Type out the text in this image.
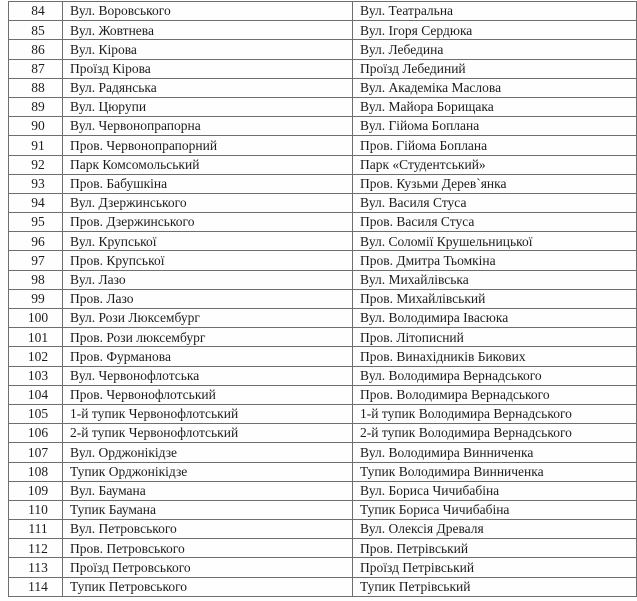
84	Вул. Воровського	Вул. Театральна
85	Вул. Жовтнева	Вул. Ігоря Сердюка
86	Вул. Кірова	Вул. Лебедина
87	Проїзд Кірова	Проїзд Лебединий
88	Вул. Радянська	Вул. Академіка Маслова
89	Вул. Цюрупи	Вул. Майора Борищака
90	Вул. Червонопрапорна	Вул. Гійома Боплана
91	Пров. Червонопрапорний	Пров. Гійома Боплана
92	Парк Комсомольський	Парк «Студентський»
93	Пров. Бабушкіна	Пров. Кузьми Дерев`янка
94	Вул. Дзержинського	Вул. Василя Стуса
95	Пров. Дзержинського	Пров. Василя Стуса
96	Вул. Крупської	Вул. Соломії Крушельницької
97	Пров. Крупської	Пров. Дмитра Тьомкіна
98	Вул. Лазо	Вул. Михайлівська
99	Пров. Лазо	Пров. Михайлівський
100	Вул. Рози Люксембург	Вул. Володимира Івасюка
101	Пров. Рози люксембург	Пров. Літописний
102	Пров. Фурманова	Пров. Винахідників Бикових
103	Вул. Червонофлотська	Вул. Володимира Вернадського
104	Пров. Червонофлотський	Пров. Володимира Вернадського
105	1-й тупик Червонофлотський	1-й тупик Володимира Вернадського
106	2-й тупик Червонофлотський	2-й тупик Володимира Вернадського
107	Вул. Орджонікідзе	Вул. Володимира Винниченка
108	Тупик Орджонікідзе	Тупик Володимира Винниченка
109	Вул. Баумана	Вул. Бориса Чичибабіна
110	Тупик Баумана	Тупик Бориса Чичибабіна
111	Вул. Петровського	Вул. Олексія Древаля
112	Пров. Петровського	Пров. Петрівський
113	Проїзд Петровського	Проїзд Петрівський
114	Тупик Петровського	Тупик Петрівський
